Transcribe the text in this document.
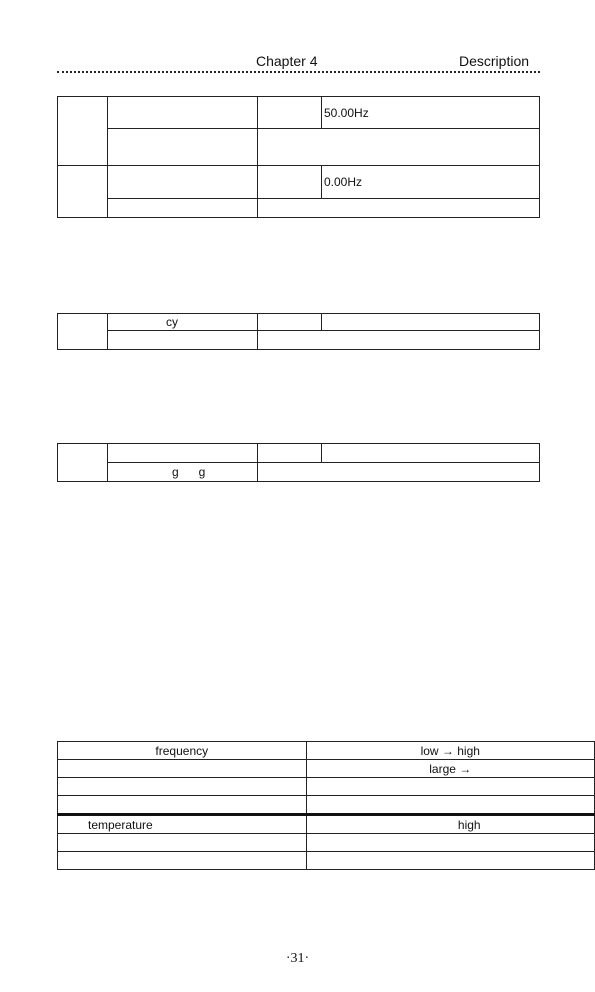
Chapter 4	Description
			50.00Hz

			0.00Hz

	cy		

	g      g		
frequency	low → high
	large →

temperature	high

·31·
